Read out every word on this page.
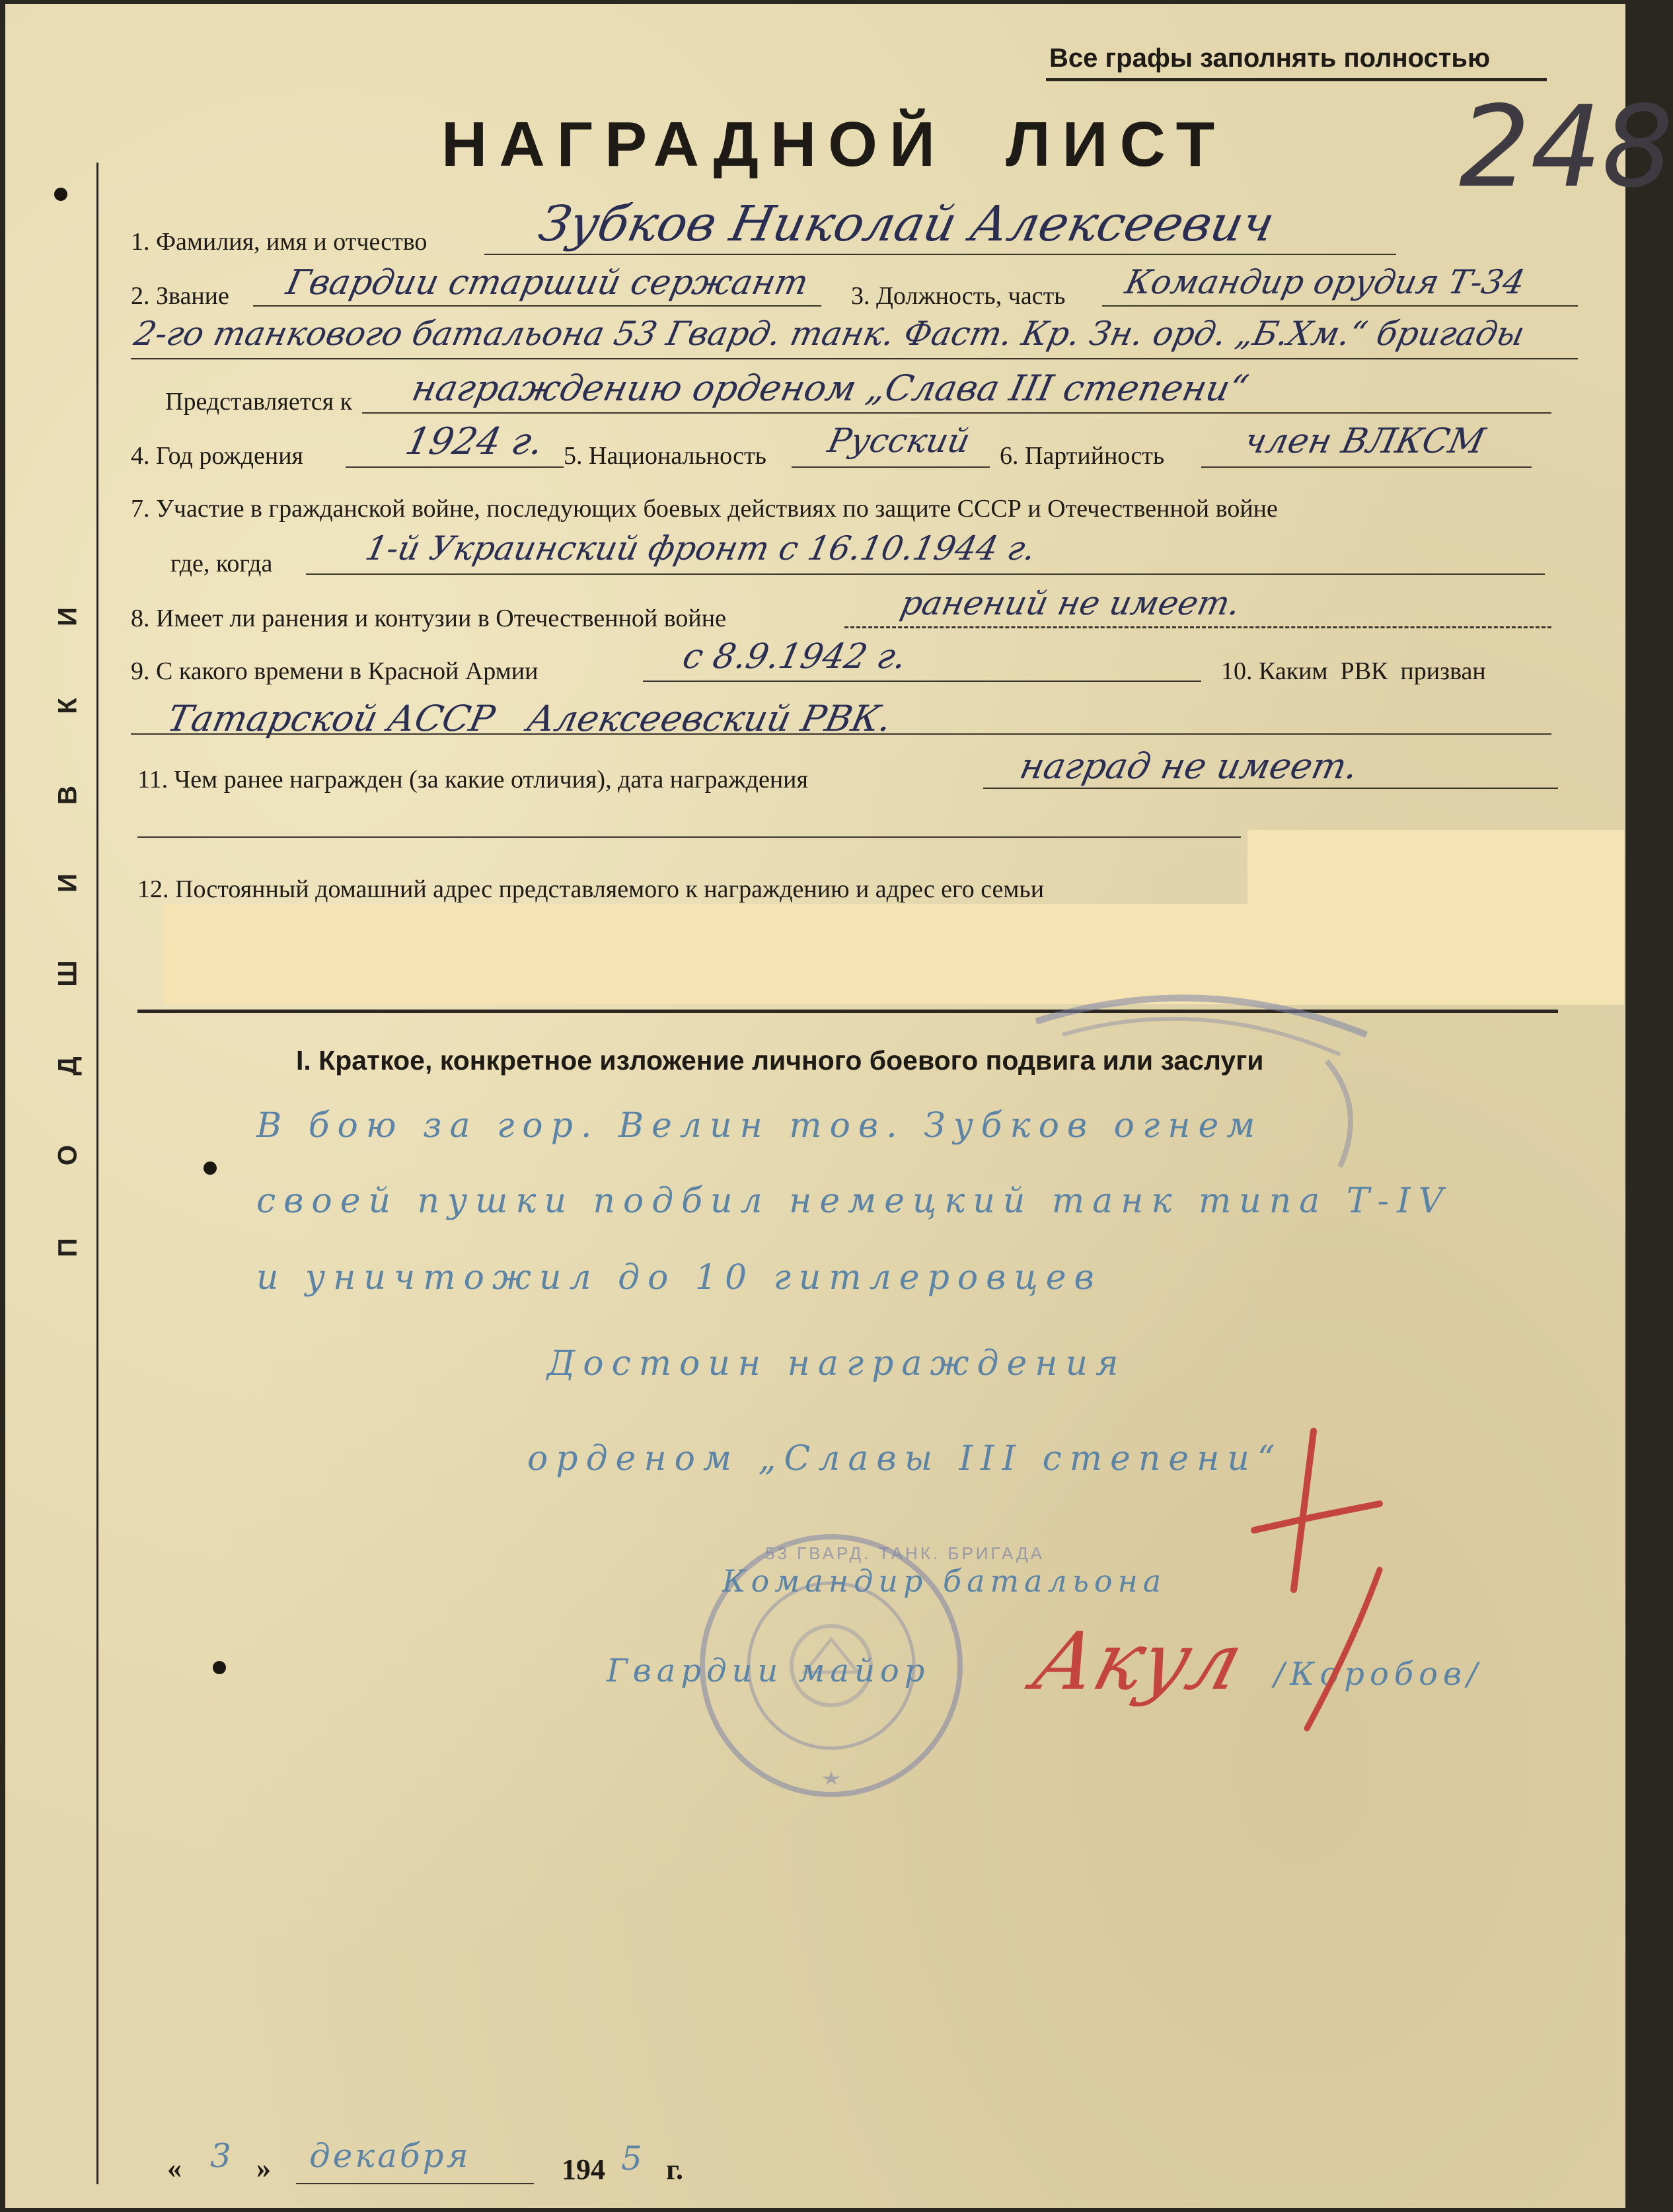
П
О
Д
Ш
И
В
К
И
Все графы заполнять полностью
248
НАГРАДНОЙ  ЛИСТ
1. Фамилия, имя и отчество Зубков Николай Алексеевич
2. Звание Гвардии старший сержант 3. Должность, часть Командир орудия Т-34
2-го танкового батальона 53 Гвард. танк. Фаст. Кр. Зн. орд. „Б.Хм.“ бригады
Представляется к награждению орденом „Слава III степени“
4. Год рождения	1924 г. 5. Национальность Русский 6. Партийность член ВЛКСМ
7. Участие в гражданской войне, последующих боевых действиях по защите СССР и Отечественной войне
где, когда	1-й Украинский фронт с 16.10.1944 г.
8. Имеет ли ранения и контузии в Отечественной войне	ранений не имеет.
9. С какого времени в Красной Армии	с 8.9.1942 г.	10. Каким  РВК  призван
Татарской АССР   Алексеевский РВК.
11. Чем ранее награжден (за какие отличия), дата награждения	наград не имеет.
12. Постоянный домашний адрес представляемого к награждению и адрес его семьи
I. Краткое, конкретное изложение личного боевого подвига или заслуги
В бою за гор. Велин тов. Зубков огнем
своей пушки подбил немецкий танк типа Т-IV
и уничтожил до 10 гитлеровцев
Достоин награждения
орденом „Славы III степени“
53 ГВАРД. ТАНК. БРИГАДА
Командир батальона
Гвардии майор Акул /Коробов/
« 3 » декабря	194 5 г.
